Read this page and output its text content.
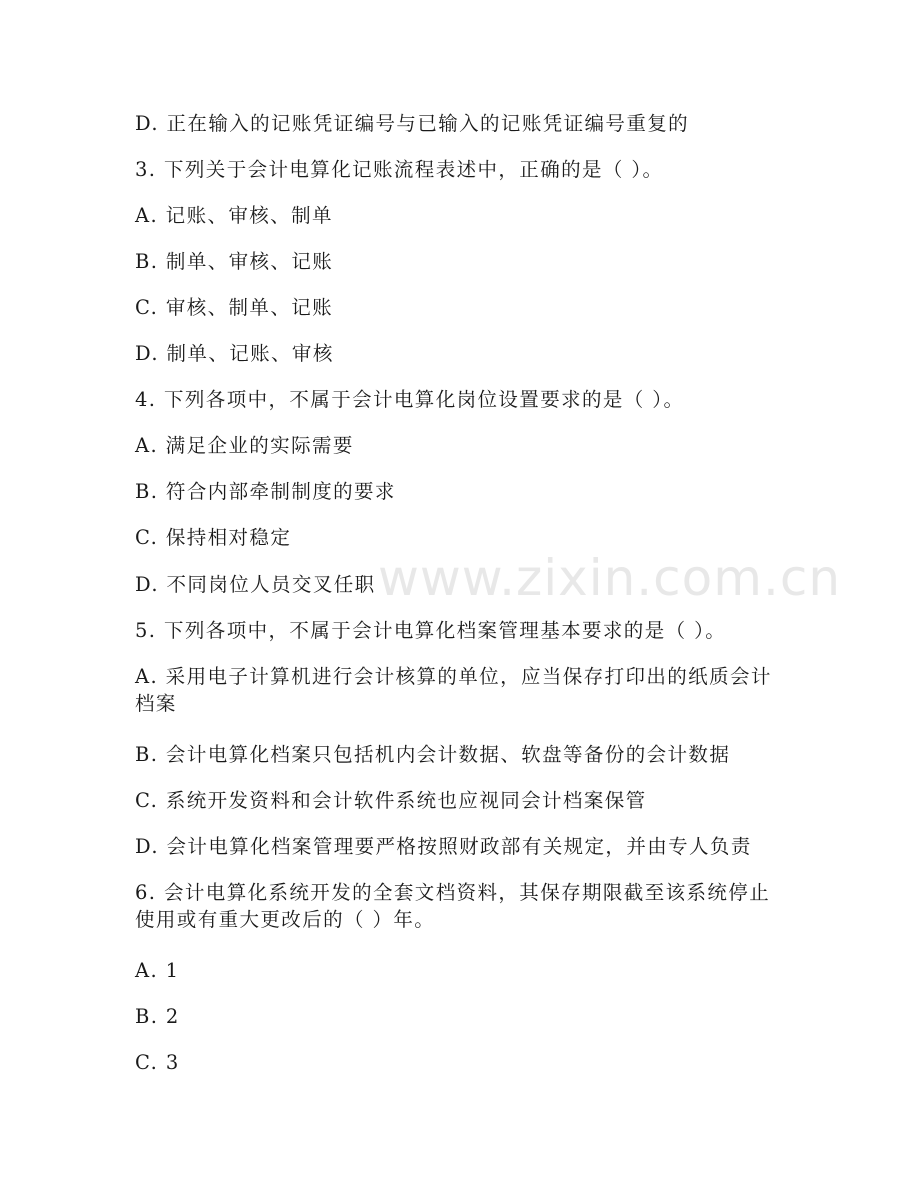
www.zixin.com.cn
D. 正在输入的记账凭证编号与已输入的记账凭证编号重复的
3. 下列关于会计电算化记账流程表述中，正确的是（ ）。
A. 记账、审核、制单
B. 制单、审核、记账
C. 审核、制单、记账
D. 制单、记账、审核
4. 下列各项中，不属于会计电算化岗位设置要求的是（ ）。
A. 满足企业的实际需要
B. 符合内部牵制制度的要求
C. 保持相对稳定
D. 不同岗位人员交叉任职
5. 下列各项中，不属于会计电算化档案管理基本要求的是（ ）。
A. 采用电子计算机进行会计核算的单位，应当保存打印出的纸质会计档案
B. 会计电算化档案只包括机内会计数据、软盘等备份的会计数据
C. 系统开发资料和会计软件系统也应视同会计档案保管
D. 会计电算化档案管理要严格按照财政部有关规定，并由专人负责
6. 会计电算化系统开发的全套文档资料，其保存期限截至该系统停止使用或有重大更改后的（ ）年。
A. 1
B. 2
C. 3
